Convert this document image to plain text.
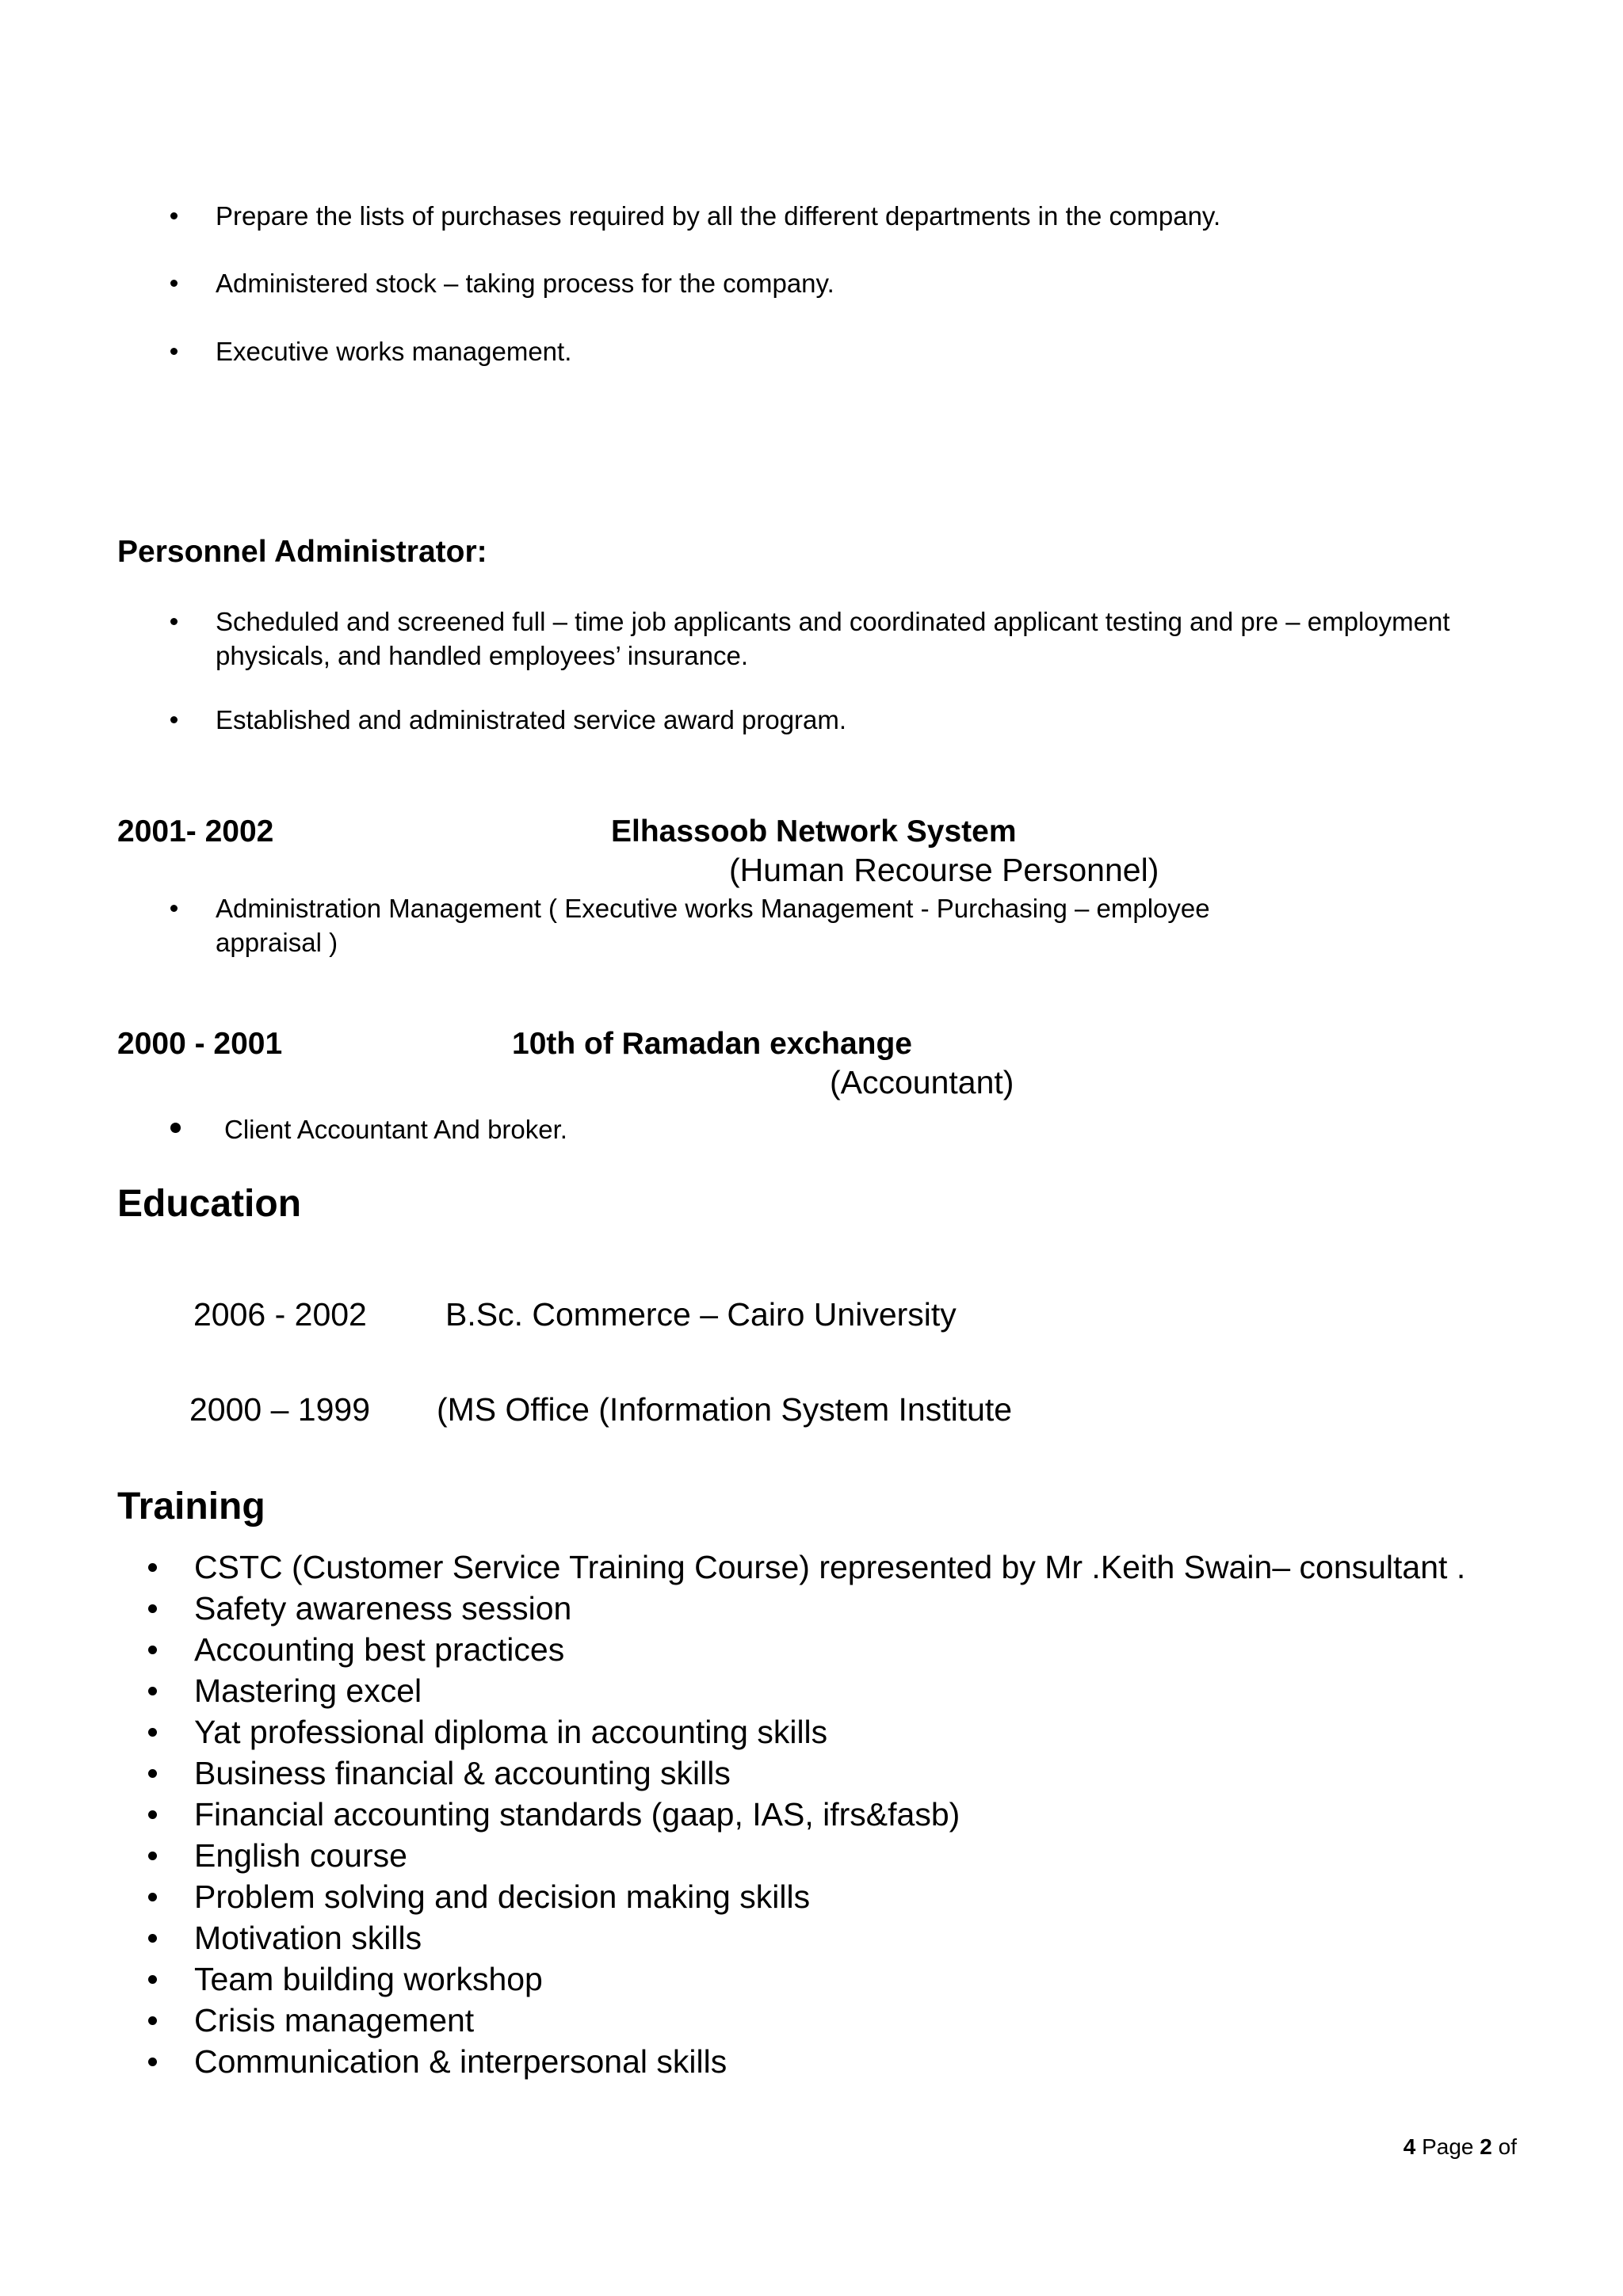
Prepare the lists of purchases required by all the different departments in the company.
Administered stock – taking process for the company.
Executive works management.
Personnel Administrator:
Scheduled and screened full – time job applicants and coordinated applicant testing and pre – employment
physicals, and handled employees’ insurance.
Established and administrated service award program.
2001- 2002	Elhassoob Network System
(Human Recourse Personnel)
Administration Management ( Executive works Management - Purchasing – employee
appraisal )
2000 - 2001	10th of Ramadan exchange
(Accountant)
Client Accountant And broker.
Education
2006 - 2002 B.Sc. Commerce – Cairo University
2000 – 1999 (MS Office (Information System Institute
Training
CSTC (Customer Service Training Course) represented by Mr .Keith Swain– consultant .
Safety awareness session
Accounting best practices
Mastering excel
Yat professional diploma in accounting skills
Business financial & accounting skills
Financial accounting standards (gaap, IAS, ifrs&fasb)
English course
Problem solving and decision making skills
Motivation skills
Team building workshop
Crisis management
Communication & interpersonal skills
4 Page 2 of
